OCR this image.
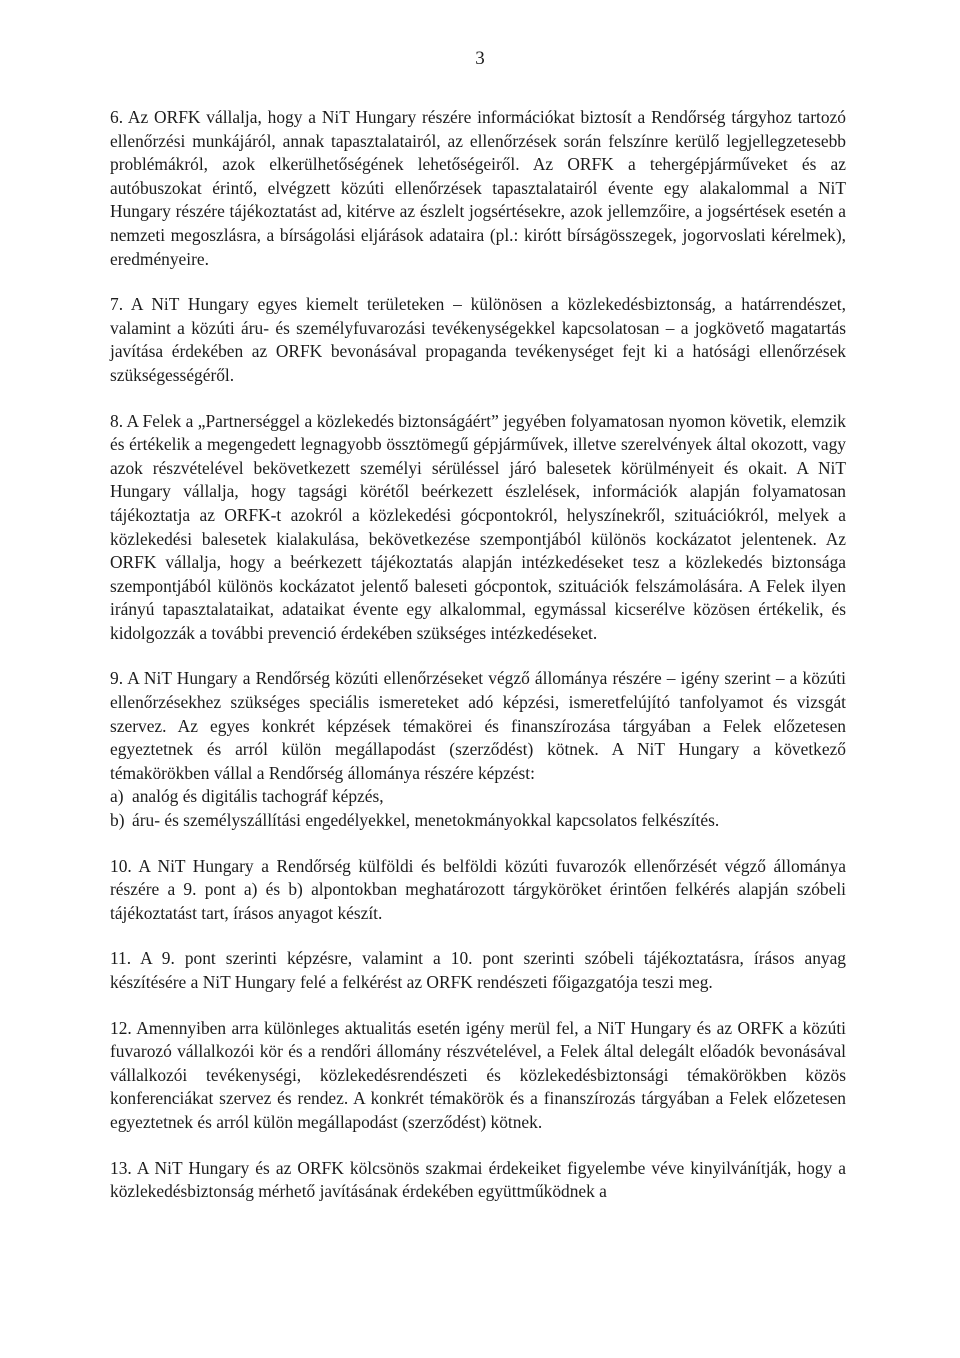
3

6. Az ORFK vállalja, hogy a NiT Hungary részére információkat biztosít a Rendőrség tárgyhoz tartozó ellenőrzési munkájáról, annak tapasztalatairól, az ellenőrzések során felszínre kerülő legjellegzetesebb problémákról, azok elkerülhetőségének lehetőségeiről. Az ORFK a tehergépjárműveket és az autóbuszokat érintő, elvégzett közúti ellenőrzések tapasztalatairól évente egy alakalommal a NiT Hungary részére tájékoztatást ad, kitérve az észlelt jogsértésekre, azok jellemzőire, a jogsértések esetén a nemzeti megoszlásra, a bírságolási eljárások adataira (pl.: kirótt bírságösszegek, jogorvoslati kérelmek), eredményeire.

7. A NiT Hungary egyes kiemelt területeken – különösen a közlekedésbiztonság, a határrendészet, valamint a közúti áru- és személyfuvarozási tevékenységekkel kapcsolatosan – a jogkövető magatartás javítása érdekében az ORFK bevonásával propaganda tevékenységet fejt ki a hatósági ellenőrzések szükségességéről.

8. A Felek a „Partnerséggel a közlekedés biztonságáért” jegyében folyamatosan nyomon követik, elemzik és értékelik a megengedett legnagyobb össztömegű gépjárművek, illetve szerelvények által okozott, vagy azok részvételével bekövetkezett személyi sérüléssel járó balesetek körülményeit és okait. A NiT Hungary vállalja, hogy tagsági körétől beérkezett észlelések, információk alapján folyamatosan tájékoztatja az ORFK-t azokról a közlekedési gócpontokról, helyszínekről, szituációkról, melyek a közlekedési balesetek kialakulása, bekövetkezése szempontjából különös kockázatot jelentenek. Az ORFK vállalja, hogy a beérkezett tájékoztatás alapján intézkedéseket tesz a közlekedés biztonsága szempontjából különös kockázatot jelentő baleseti gócpontok, szituációk felszámolására. A Felek ilyen irányú tapasztalataikat, adataikat évente egy alkalommal, egymással kicserélve közösen értékelik, és kidolgozzák a további prevenció érdekében szükséges intézkedéseket.

9. A NiT Hungary a Rendőrség közúti ellenőrzéseket végző állománya részére – igény szerint – a közúti ellenőrzésekhez szükséges speciális ismereteket adó képzési, ismeretfelújító tanfolyamot és vizsgát szervez. Az egyes konkrét képzések témakörei és finanszírozása tárgyában a Felek előzetesen egyeztetnek és arról külön megállapodást (szerződést) kötnek. A NiT Hungary a következő témakörökben vállal a Rendőrség állománya részére képzést:

a) analóg és digitális tachográf képzés,

b) áru- és személyszállítási engedélyekkel, menetokmányokkal kapcsolatos felkészítés.

10. A NiT Hungary a Rendőrség külföldi és belföldi közúti fuvarozók ellenőrzését végző állománya részére a 9. pont a) és b) alpontokban meghatározott tárgyköröket érintően felkérés alapján szóbeli tájékoztatást tart, írásos anyagot készít.

11. A 9. pont szerinti képzésre, valamint a 10. pont szerinti szóbeli tájékoztatásra, írásos anyag készítésére a NiT Hungary felé a felkérést az ORFK rendészeti főigazgatója teszi meg.

12. Amennyiben arra különleges aktualitás esetén igény merül fel, a NiT Hungary és az ORFK a közúti fuvarozó vállalkozói kör és a rendőri állomány részvételével, a Felek által delegált előadók bevonásával vállalkozói tevékenységi, közlekedésrendészeti és közlekedésbiztonsági témakörökben közös konferenciákat szervez és rendez. A konkrét témakörök és a finanszírozás tárgyában a Felek előzetesen egyeztetnek és arról külön megállapodást (szerződést) kötnek.

13. A NiT Hungary és az ORFK kölcsönös szakmai érdekeiket figyelembe véve kinyilvánítják, hogy a közlekedésbiztonság mérhető javításának érdekében együttműködnek a
